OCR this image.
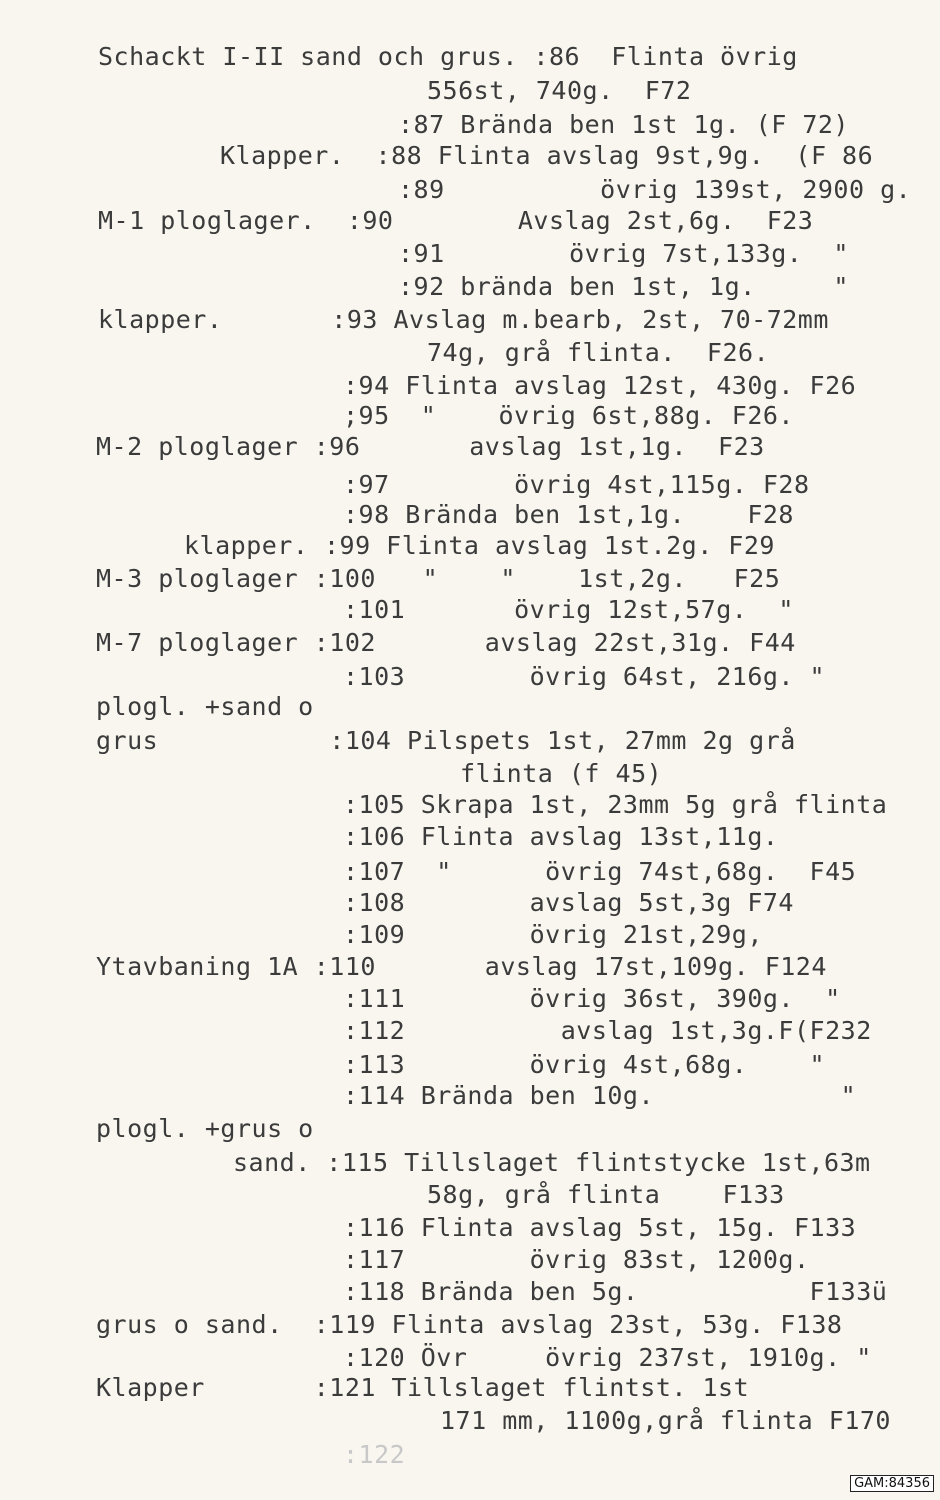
Schackt I-II sand och grus. :86  Flinta övrig
556st, 740g.  F72
:87 Brända ben 1st 1g. (F 72)
Klapper.  :88 Flinta avslag 9st,9g.  (F 86
:89          övrig 139st, 2900 g.
M-1 ploglager.  :90        Avslag 2st,6g.  F23
:91        övrig 7st,133g.  "
:92 brända ben 1st, 1g.     "
klapper.       :93 Avslag m.bearb, 2st, 70-72mm
74g, grå flinta.  F26.
:94 Flinta avslag 12st, 430g. F26
;95  "    övrig 6st,88g. F26.
M-2 ploglager :96       avslag 1st,1g.  F23
:97        övrig 4st,115g. F28
:98 Brända ben 1st,1g.    F28
klapper. :99 Flinta avslag 1st.2g. F29
M-3 ploglager :100   "    "    1st,2g.   F25
:101       övrig 12st,57g.  "
M-7 ploglager :102       avslag 22st,31g. F44
:103        övrig 64st, 216g. "
plogl. +sand o
grus           :104 Pilspets 1st, 27mm 2g grå
flinta (f 45)
:105 Skrapa 1st, 23mm 5g grå flinta
:106 Flinta avslag 13st,11g.
:107  "      övrig 74st,68g.  F45
:108        avslag 5st,3g F74
:109        övrig 21st,29g,
Ytavbaning 1A :110       avslag 17st,109g. F124
:111        övrig 36st, 390g.  "
:112          avslag 1st,3g.F(F232
:113        övrig 4st,68g.    "
:114 Brända ben 10g.            "
plogl. +grus o
sand. :115 Tillslaget flintstycke 1st,63m
58g, grå flinta    F133
:116 Flinta avslag 5st, 15g. F133
:117        övrig 83st, 1200g.
:118 Brända ben 5g.           F133ü
grus o sand.  :119 Flinta avslag 23st, 53g. F138
:120 Övr     övrig 237st, 1910g. "
Klapper       :121 Tillslaget flintst. 1st
171 mm, 1100g,grå flinta F170
:122
GAM:84356
